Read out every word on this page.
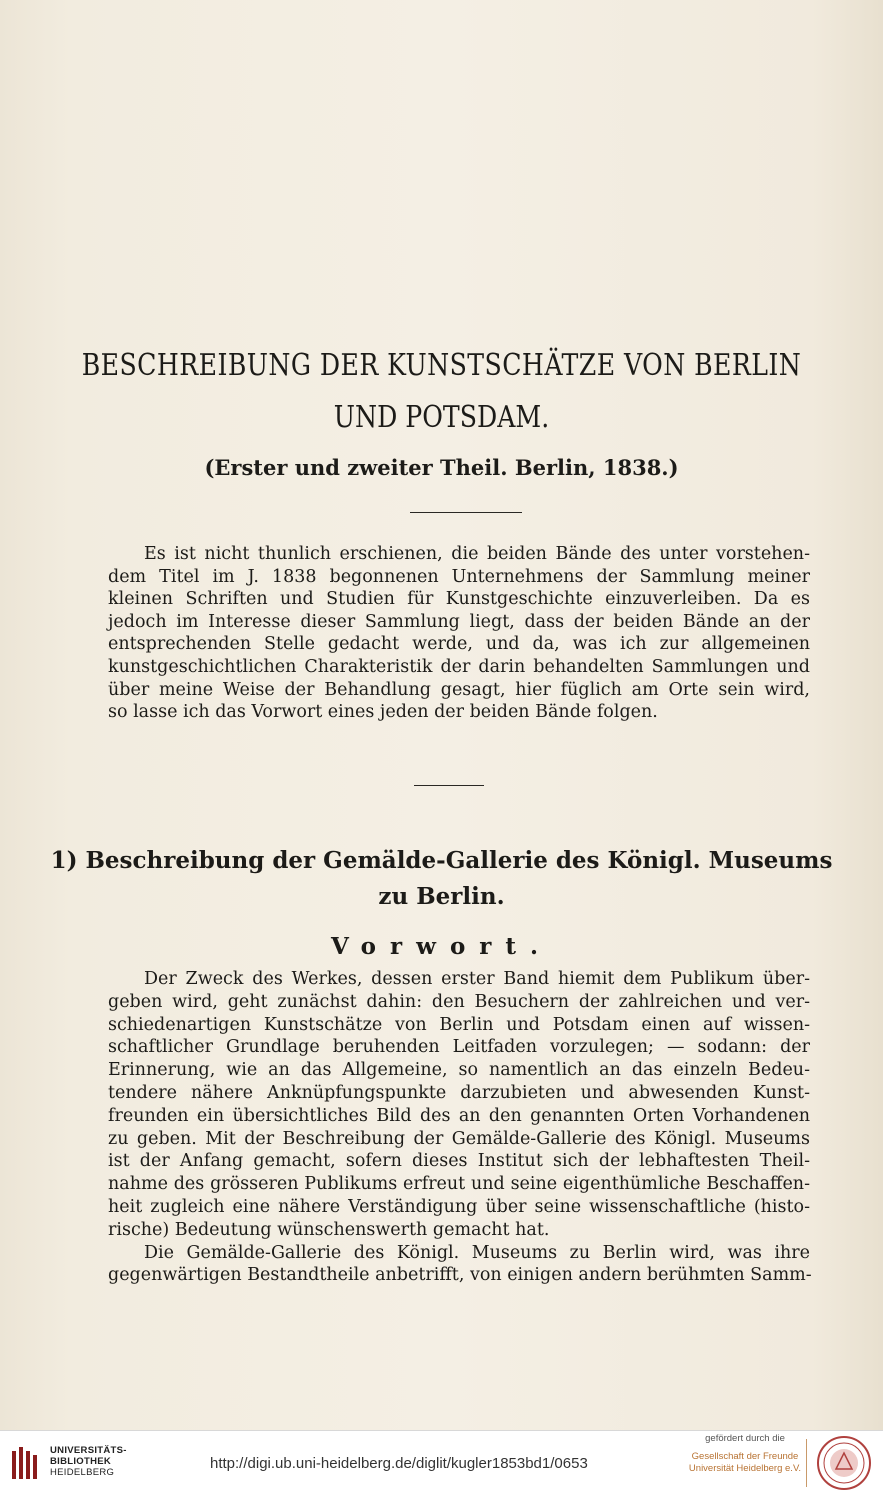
BESCHREIBUNG DER KUNSTSCHÄTZE VON BERLIN
UND POTSDAM.
(Erster und zweiter Theil. Berlin, 1838.)
Es ist nicht thunlich erschienen, die beiden Bände des unter vorstehen-
dem Titel im J. 1838 begonnenen Unternehmens der Sammlung meiner
kleinen Schriften und Studien für Kunstgeschichte einzuverleiben. Da es
jedoch im Interesse dieser Sammlung liegt, dass der beiden Bände an der
entsprechenden Stelle gedacht werde, und da, was ich zur allgemeinen
kunstgeschichtlichen Charakteristik der darin behandelten Sammlungen und
über meine Weise der Behandlung gesagt, hier füglich am Orte sein wird,
so lasse ich das Vorwort eines jeden der beiden Bände folgen.
1) Beschreibung der Gemälde-Gallerie des Königl. Museums
zu Berlin.
Vorwort.
Der Zweck des Werkes, dessen erster Band hiemit dem Publikum über-
geben wird, geht zunächst dahin: den Besuchern der zahlreichen und ver-
schiedenartigen Kunstschätze von Berlin und Potsdam einen auf wissen-
schaftlicher Grundlage beruhenden Leitfaden vorzulegen; — sodann: der
Erinnerung, wie an das Allgemeine, so namentlich an das einzeln Bedeu-
tendere nähere Anknüpfungspunkte darzubieten und abwesenden Kunst-
freunden ein übersichtliches Bild des an den genannten Orten Vorhandenen
zu geben. Mit der Beschreibung der Gemälde-Gallerie des Königl. Museums
ist der Anfang gemacht, sofern dieses Institut sich der lebhaftesten Theil-
nahme des grösseren Publikums erfreut und seine eigenthümliche Beschaffen-
heit zugleich eine nähere Verständigung über seine wissenschaftliche (histo-
rische) Bedeutung wünschenswerth gemacht hat.
Die Gemälde-Gallerie des Königl. Museums zu Berlin wird, was ihre
gegenwärtigen Bestandtheile anbetrifft, von einigen andern berühmten Samm-
UNIVERSITÄTS-
BIBLIOTHEK
HEIDELBERG
http://digi.ub.uni-heidelberg.de/diglit/kugler1853bd1/0653
gefördert durch die
Gesellschaft der Freunde
Universität Heidelberg e.V.
